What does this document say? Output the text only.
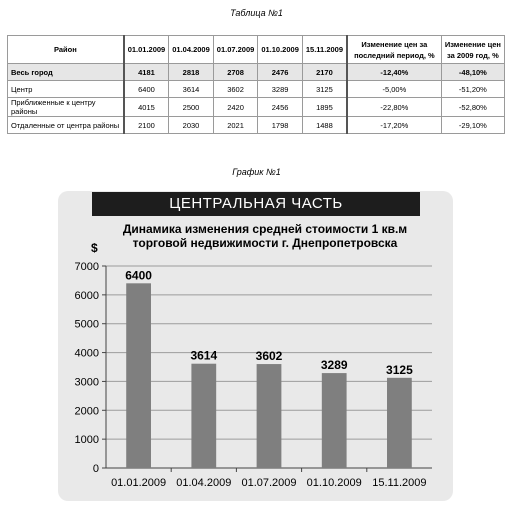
Таблица №1
Район	01.01.2009	01.04.2009	01.07.2009	01.10.2009	15.11.2009	Изменение цен за последний период, %	Изменение цен за 2009 год, %
Весь город	4181	2818	2708	2476	2170	-12,40%	-48,10%
Центр	6400	3614	3602	3289	3125	-5,00%	-51,20%
Приближенные к центру районы	4015	2500	2420	2456	1895	-22,80%	-52,80%
Отдаленные от центра районы	2100	2030	2021	1798	1488	-17,20%	-29,10%
График №1
ЦЕНТРАЛЬНАЯ ЧАСТЬ
Динамика изменения средней стоимости 1 кв.м торговой недвижимости г. Днепропетровска
$
0
1000
2000
3000
4000
5000
6000
7000
6400
01.01.2009
3614
01.04.2009
3602
01.07.2009
3289
01.10.2009
3125
15.11.2009
